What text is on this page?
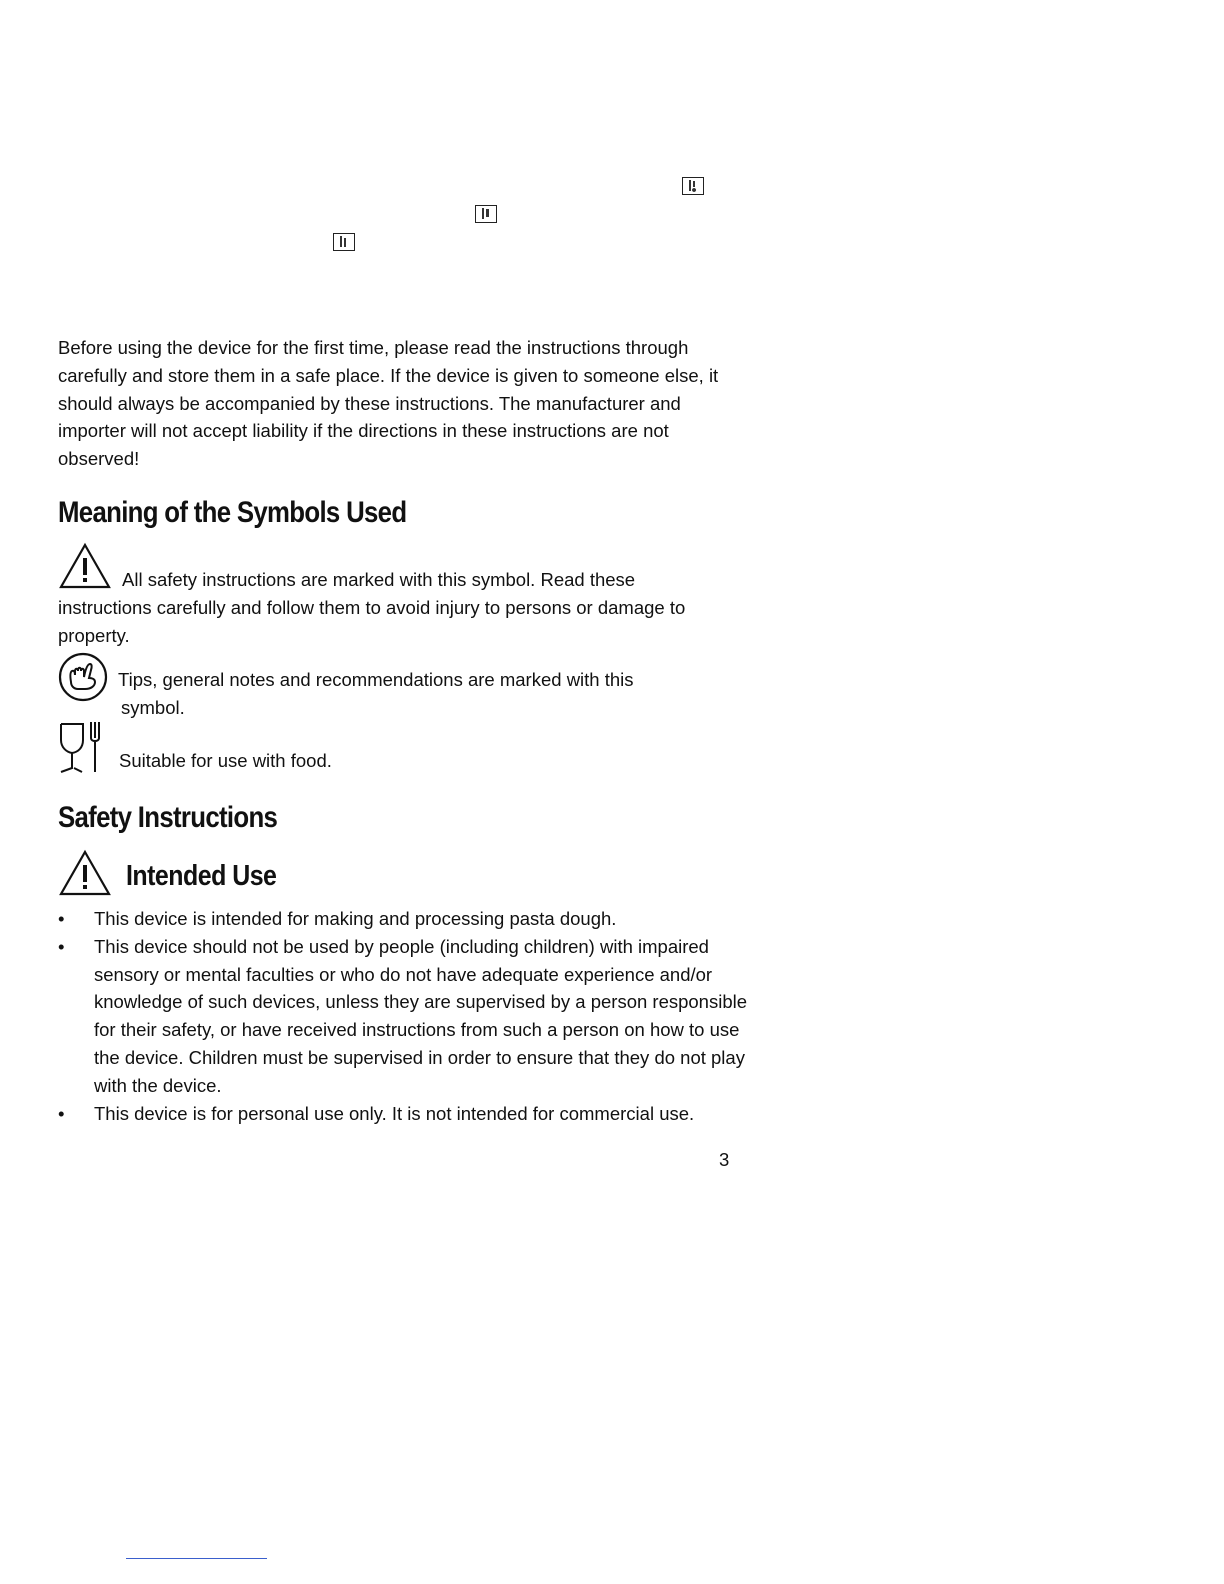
Before using the device for the first time, please read the instructions through carefully and store them in a safe place. If the device is given to someone else, it should always be accompanied by these instructions. The manufacturer and importer will not accept liability if the directions in these instructions are not observed!
Meaning of the Symbols Used
All safety instructions are marked with this symbol. Read these
instructions carefully and follow them to avoid injury to persons or damage to property.
Tips, general notes and recommendations are marked with this
symbol.
Suitable for use with food.
Safety Instructions
Intended Use
•	This device is intended for making and processing pasta dough.
•	This device should not be used by people (including children) with impaired sensory or mental faculties or who do not have adequate experience and/or knowledge of such devices, unless they are supervised by a person responsible for their safety, or have received instructions from such a person on how to use the device. Children must be supervised in order to ensure that they do not play with the device.
•	This device is for personal use only. It is not intended for commercial use.
3
